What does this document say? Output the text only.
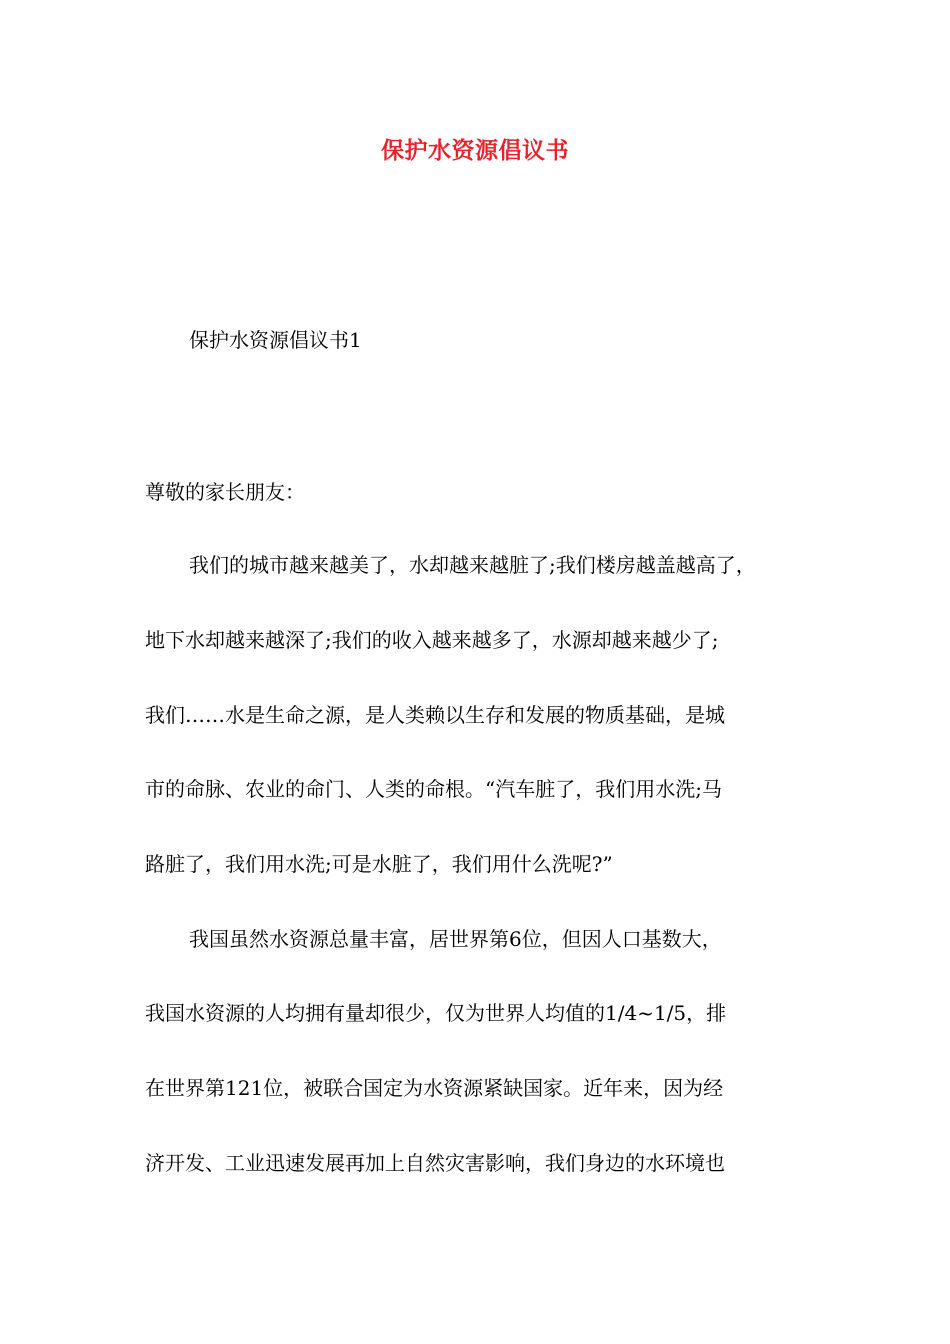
保护水资源倡议书
保护水资源倡议书1
尊敬的家长朋友：
我们的城市越来越美了，水却越来越脏了;我们楼房越盖越高了，
地下水却越来越深了;我们的收入越来越多了，水源却越来越少了;
我们……水是生命之源，是人类赖以生存和发展的物质基础，是城
市的命脉、农业的命门、人类的命根。“汽车脏了，我们用水洗;马
路脏了，我们用水洗;可是水脏了，我们用什么洗呢?”
我国虽然水资源总量丰富，居世界第6位，但因人口基数大，
我国水资源的人均拥有量却很少，仅为世界人均值的1/4~1/5，排
在世界第121位，被联合国定为水资源紧缺国家。近年来，因为经
济开发、工业迅速发展再加上自然灾害影响，我们身边的水环境也
